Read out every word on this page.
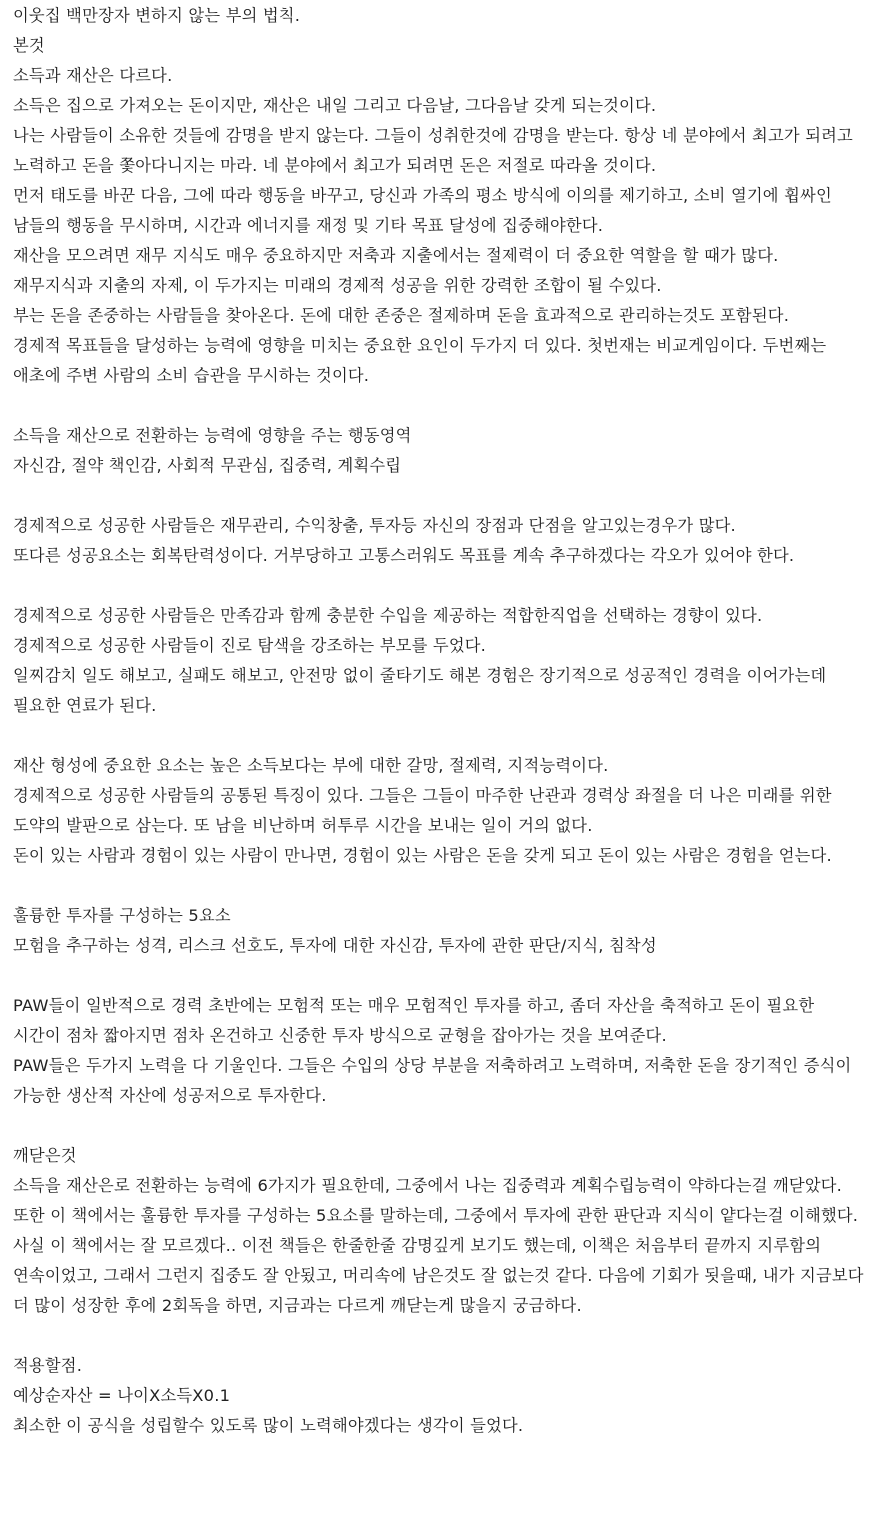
이웃집 백만장자 변하지 않는 부의 법칙.
본것
소득과 재산은 다르다.
소득은 집으로 가져오는 돈이지만, 재산은 내일 그리고 다음날, 그다음날 갖게 되는것이다.
나는 사람들이 소유한 것들에 감명을 받지 않는다. 그들이 성취한것에 감명을 받는다. 항상 네 분야에서 최고가 되려고 노력하고 돈을 쫓아다니지는 마라. 네 분야에서 최고가 되려면 돈은 저절로 따라올 것이다.
먼저 태도를 바꾼 다음, 그에 따라 행동을 바꾸고, 당신과 가족의 평소 방식에 이의를 제기하고, 소비 열기에 휩싸인 남들의 행동을 무시하며, 시간과 에너지를 재정 및 기타 목표 달성에 집중해야한다.
재산을 모으려면 재무 지식도 매우 중요하지만 저축과 지출에서는 절제력이 더 중요한 역할을 할 때가 많다.
재무지식과 지출의 자제, 이 두가지는 미래의 경제적 성공을 위한 강력한 조합이 될 수있다.
부는 돈을 존중하는 사람들을 찾아온다. 돈에 대한 존중은 절제하며 돈을 효과적으로 관리하는것도 포함된다.
경제적 목표들을 달성하는 능력에 영향을 미치는 중요한 요인이 두가지 더 있다. 첫번재는 비교게임이다. 두번째는 애초에 주변 사람의 소비 습관을 무시하는 것이다.
소득을 재산으로 전환하는 능력에 영향을 주는 행동영역
자신감, 절약 책인감, 사회적 무관심, 집중력, 계획수립
경제적으로 성공한 사람들은 재무관리, 수익창출, 투자등 자신의 장점과 단점을 알고있는경우가 많다.
또다른 성공요소는 회복탄력성이다. 거부당하고 고통스러워도 목표를 계속 추구하겠다는 각오가 있어야 한다.
경제적으로 성공한 사람들은 만족감과 함께 충분한 수입을 제공하는 적합한직업을 선택하는 경향이 있다.
경제적으로 성공한 사람들이 진로 탐색을 강조하는 부모를 두었다.
일찌감치 일도 해보고, 실패도 해보고, 안전망 없이 줄타기도 해본 경험은 장기적으로 성공적인 경력을 이어가는데 필요한 연료가 된다.
재산 형성에 중요한 요소는 높은 소득보다는 부에 대한 갈망, 절제력, 지적능력이다.
경제적으로 성공한 사람들의 공통된 특징이 있다. 그들은 그들이 마주한 난관과 경력상 좌절을 더 나은 미래를 위한 도약의 발판으로 삼는다. 또 남을 비난하며 허투루 시간을 보내는 일이 거의 없다.
돈이 있는 사람과 경험이 있는 사람이 만나면, 경험이 있는 사람은 돈을 갖게 되고 돈이 있는 사람은 경험을 얻는다.
훌륭한 투자를 구성하는 5요소
모험을 추구하는 성격, 리스크 선호도, 투자에 대한 자신감, 투자에 관한 판단/지식, 침착성
PAW들이 일반적으로 경력 초반에는 모험적 또는 매우 모험적인 투자를 하고, 좀더 자산을 축적하고 돈이 필요한 시간이 점차 짧아지면 점차 온건하고 신중한 투자 방식으로 균형을 잡아가는 것을 보여준다.
PAW들은 두가지 노력을 다 기울인다. 그들은 수입의 상당 부분을 저축하려고 노력하며, 저축한 돈을 장기적인 증식이 가능한 생산적 자산에 성공저으로 투자한다.
깨닫은것
소득을 재산은로 전환하는 능력에 6가지가 필요한데, 그중에서 나는 집중력과 계획수립능력이 약하다는걸 깨닫았다.
또한 이 책에서는 훌륭한 투자를 구성하는 5요소를 말하는데, 그중에서 투자에 관한 판단과 지식이 얕다는걸 이해했다.
사실 이 책에서는 잘 모르겠다.. 이전 책들은 한줄한줄 감명깊게 보기도 했는데, 이책은 처음부터 끝까지 지루함의 연속이었고, 그래서 그런지 집중도 잘 안됬고, 머리속에 남은것도 잘 없는것 같다. 다음에 기회가 됫을때, 내가 지금보다 더 많이 성장한 후에 2회독을 하면, 지금과는 다르게 깨닫는게 많을지 궁금하다.
적용할점.
예상순자산 = 나이X소득X0.1
최소한 이 공식을 성립할수 있도록 많이 노력해야겠다는 생각이 들었다.
